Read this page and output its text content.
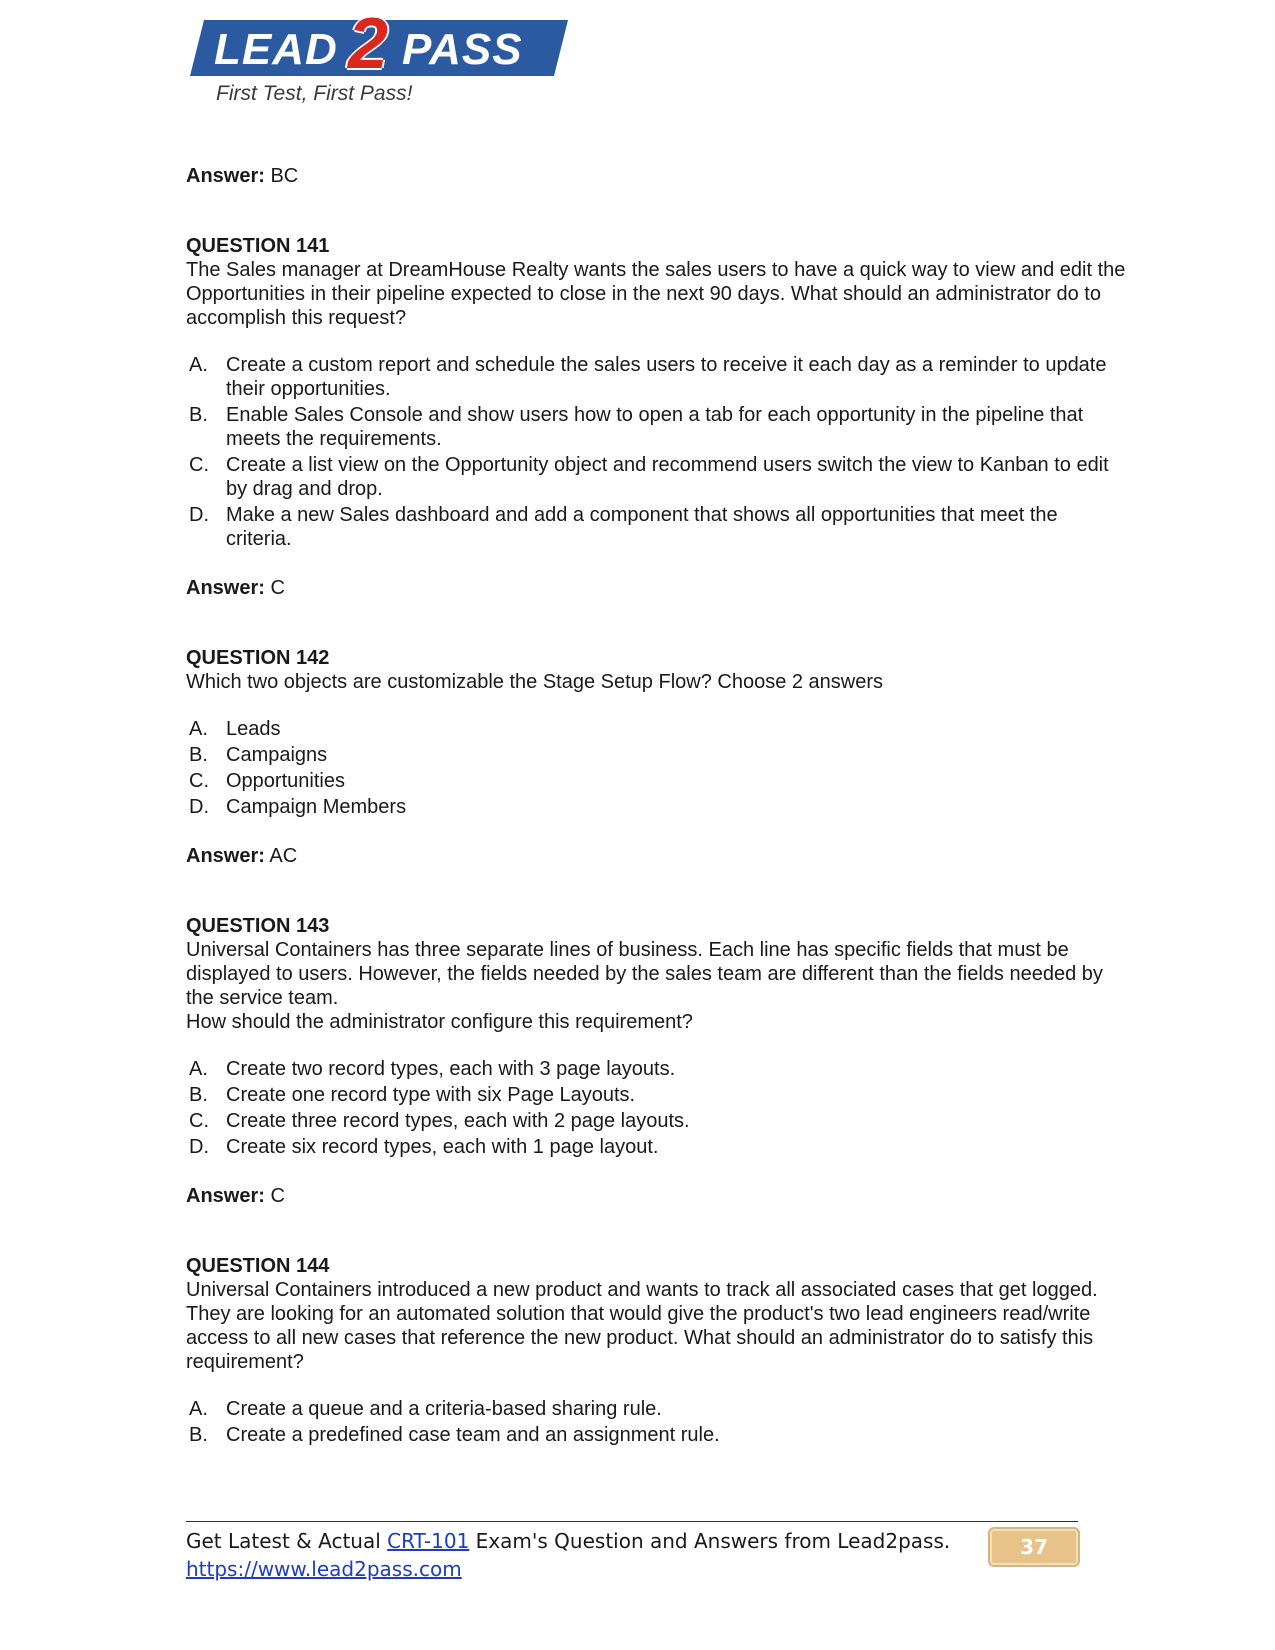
LEAD 2 PASS
First Test, First Pass!

Answer: BC

QUESTION 141

The Sales manager at DreamHouse Realty wants the sales users to have a quick way to view and edit the Opportunities in their pipeline expected to close in the next 90 days. What should an administrator do to accomplish this request?

A. Create a custom report and schedule the sales users to receive it each day as a reminder to update their opportunities.
B. Enable Sales Console and show users how to open a tab for each opportunity in the pipeline that meets the requirements.
C. Create a list view on the Opportunity object and recommend users switch the view to Kanban to edit by drag and drop.
D. Make a new Sales dashboard and add a component that shows all opportunities that meet the criteria.

Answer: C

QUESTION 142

Which two objects are customizable the Stage Setup Flow? Choose 2 answers

A. Leads
B. Campaigns
C. Opportunities
D. Campaign Members

Answer: AC

QUESTION 143

Universal Containers has three separate lines of business. Each line has specific fields that must be displayed to users. However, the fields needed by the sales team are different than the fields needed by the service team.

How should the administrator configure this requirement?

A. Create two record types, each with 3 page layouts.
B. Create one record type with six Page Layouts.
C. Create three record types, each with 2 page layouts.
D. Create six record types, each with 1 page layout.

Answer: C

QUESTION 144

Universal Containers introduced a new product and wants to track all associated cases that get logged. They are looking for an automated solution that would give the product's two lead engineers read/write access to all new cases that reference the new product. What should an administrator do to satisfy this requirement?

A. Create a queue and a criteria-based sharing rule.
B. Create a predefined case team and an assignment rule.
Get Latest & Actual CRT-101 Exam's Question and Answers from Lead2pass.
https://www.lead2pass.com
37
